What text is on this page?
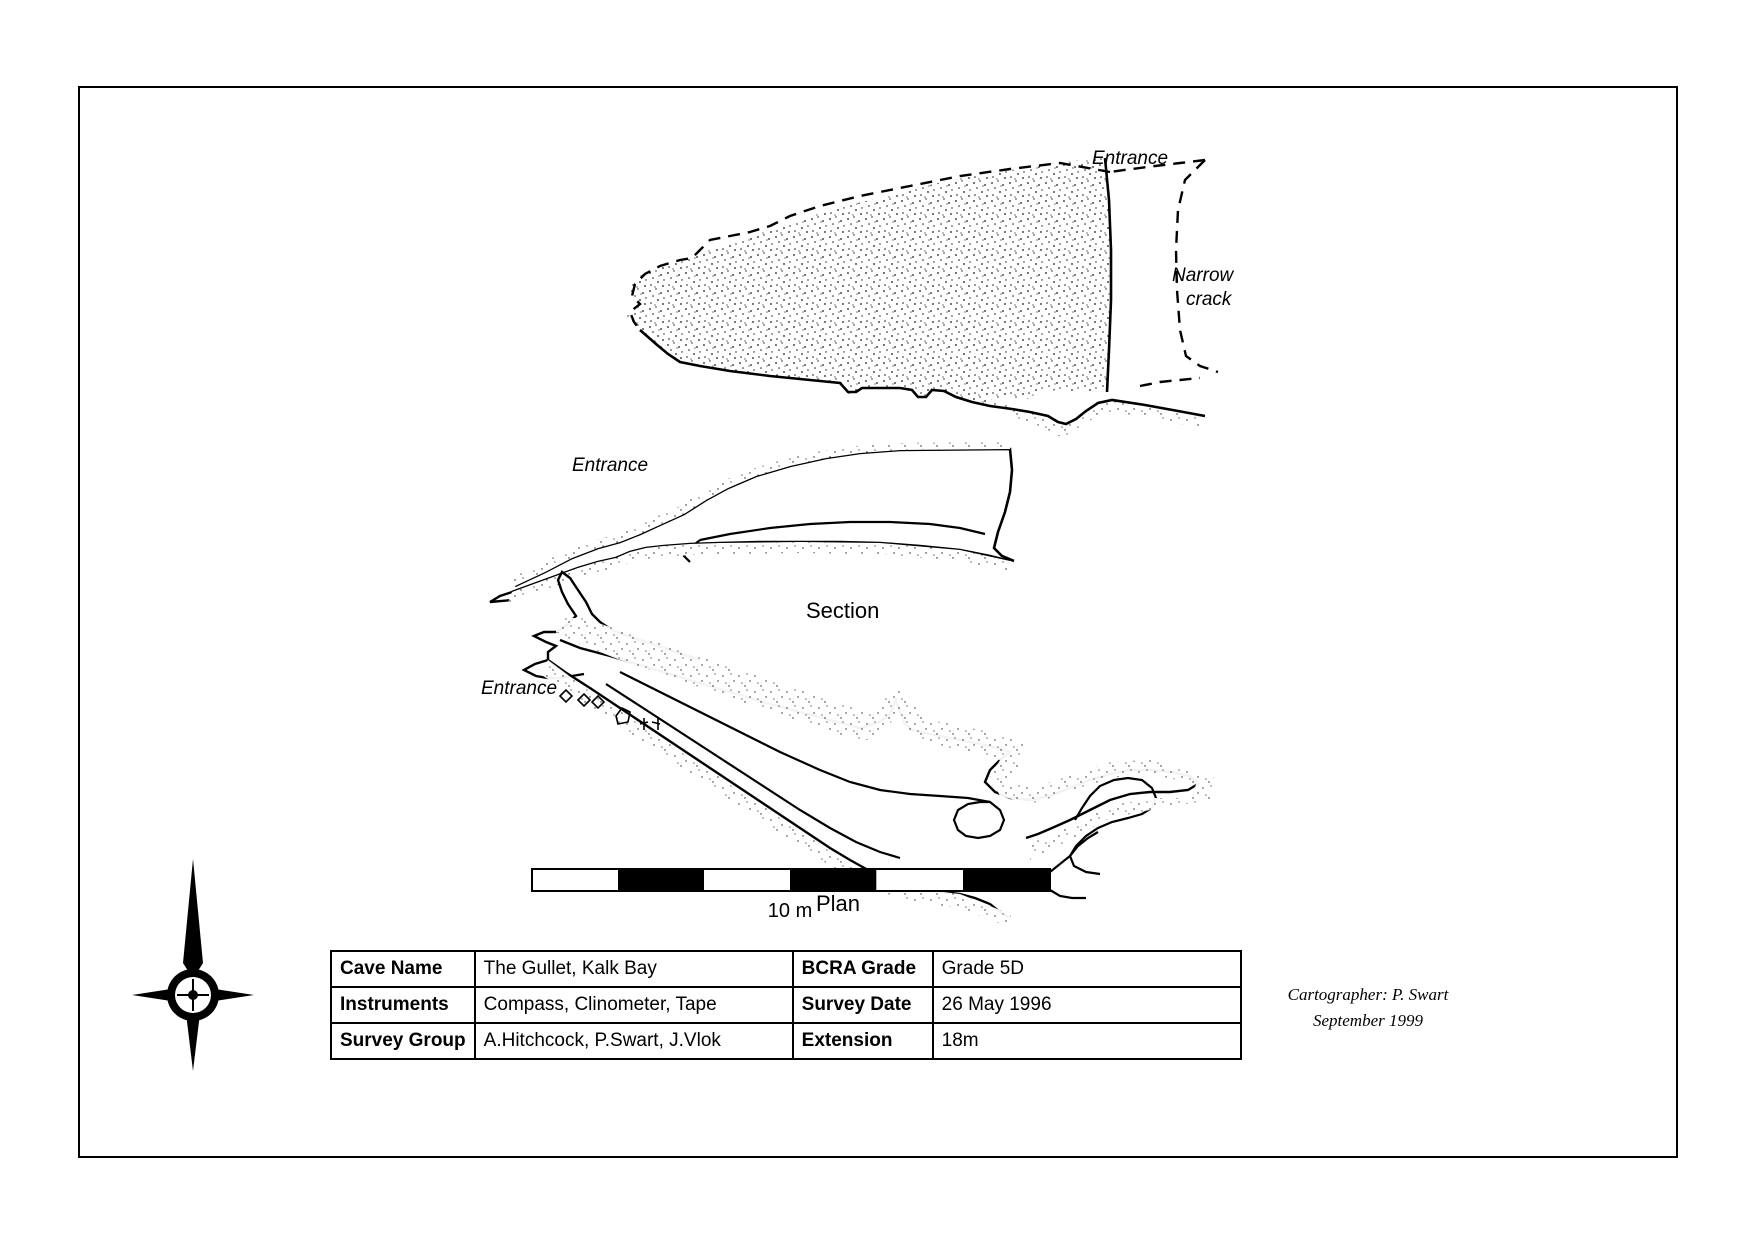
Entrance
Narrow
crack
Entrance
Section
Entrance
Plan
10 m
Cave Name	The Gullet, Kalk Bay	BCRA Grade	Grade 5D
Instruments	Compass, Clinometer, Tape	Survey Date	26 May 1996
Survey Group	A.Hitchcock, P.Swart, J.Vlok	Extension	18m
Cartographer: P. Swart
September 1999
